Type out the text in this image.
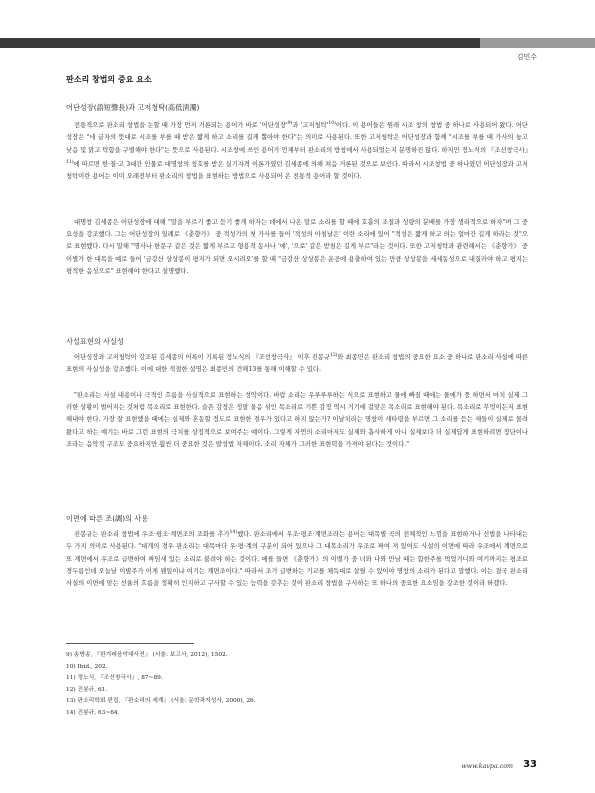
김민수
판소리 창법의 중요 요소
어단성장(語短聲長)과 고저청탁(高低淸濁)

전통적으로 판소리 창법을 논할 때 가장 먼저 거론되는 용어가 바로 '어단성장'$^{9)}$과 '고저청탁'$^{10)}$이다. 이 용어들은 원래 시조 창의 창법 중 하나로 사용되어 왔다. 어단성장은 "네 글자의 뜻대로 시조를 부를 때 받은 짧게 하고 소리를 길게 뽑아야 한다"는 의미로 사용된다. 또한 고저청탁은 어단성장과 함께 "시조를 부를 때 가사의 높고 낮음 및 맑고 탁함을 구별해야 한다"는 뜻으로 사용된다. 시조창에 쓰인 용어가 언제부터 판소리의 방창에서 사용되었는지 분명하진 않다. 하지만 정노식의 『조선창극사』$^{11)}$에 따르면 헌·철·고 3대간 인물로 대명창의 칭호를 받은 실기자격 이론가였던 김세종에 의해 처음 거론된 것으로 보인다. 따라서 시조창법 중 하나였던 어단성장과 고저청탁이란 용어는 이미 오래전부터 판소리의 창법을 표현하는 방법으로 사용되어 온 전통적 용어라 할 것이다.

대명창 김세종은 어단성장에 대해 "말을 부르기 좋고 듣기 좋게 하자는 데에서 나온 말로 소리를 할 때에 호흡의 조절과 성량의 분배를 가장 생리적으로 하자"며 그 중요성을 강조했다. 그는 어단성장의 일례로 《춘향가》 중 적성가의 첫 가사를 들어 '적성의 아침날은' 이란 소리에 있어 "적성은 짧게 하고 의는 얼마간 길게 하라는 것"으로 표현했다. 다시 말해 "명사나 한문구 같은 것은 짧게 부르고 형용적 동사나 '에', '으로' 같은 받침은 길게 부르"라는 것이다. 또한 고저청탁과 관련해서는 《춘향가》 중 이별가 한 대목을 예로 들어 '금강산 상상봉이 평지가 되면 오시려오'를 할 때 "금강산 상상봉은 운공에 용출하여 있는 만큼 상상봉을 세세동성으로 내질러야 하고 평지는 평적한 음성으로" 표현해야 한다고 설명했다.

사설표현의 사실성

어단성장과 고저청탁이 강조된 김세종의 어록이 기록된 정노식의 『조선창극사』 이후 진봉규$^{12)}$와 최종민은 판소리 창법의 중요한 요소 중 하나로 판소리 사설에 따른 표현의 사실성을 강조했다. 이에 대한 적절한 설명은 최종민의 견해13를 통해 이해할 수 있다.

"판소리는 사설 내용이나 극적인 흐름을 사실적으로 표현하는 성악이다. 바람 소리는 우루루루하는 식으로 표현하고 물에 빠질 때에는 물에가 풍 하면서 마치 실제 그러한 상황이 벌어지는 것처럼 목소리로 표현한다. 슬픈 감정은 정말 울음 섞인 목소리로 기쁜 감정 역시 거기에 걸맞은 목소리로 표현해야 된다. 목소리로 무엇이든지 표현해내야 한다. 가장 잘 표현했을 때에는 실제와 혼동할 정도로 표현한 경우가 있다고 하지 않는가? 이날치라는 명창이 새타령을 부르면 그 소리를 듣는 새들이 실제로 몰려왔다고 하는 얘기는 바로 그런 표현의 극치를 상징적으로 보여주는 예이다. 그렇게 자연의 소리마저도 실제와 흡사하게 아니 실제보다 더 실제답게 표현하려면 장단이나 조라는 음악적 구조도 중요하지만 훨씬 더 중요한 것은 발성법 자체이다. 소리 자체가 그러한 표현력을 가져야 된다는 것이다."

이면에 따른 조(調)의 사용

진봉규는 판소리 창법에 우조·평조·계면조의 조화를 추가$^{14)}$했다. 판소리에서 우조·평조·계면조라는 용어는 대목별 곡의 전체적인 느낌을 표현하거나 선법을 나타내는 두 가지 의미로 사용된다. "대개의 경우 판소리는 대목마다 우·평·계의 구분이 되어 있으나 그 대목소리가 우조로 짜여 져 있어도 사설의 이면에 따라 우조에서 계면으로 또 계면에서 우조로 급변하여 짜임새 있는 소리로 불려야 하는 것이다. 예를 들면 《춘향가》의 이별가 중 너와 나와 만남 때는 함한주를 먹었거니와 여기까지는 평조로 경두름인데 오늘날 이별주가 이게 웬일이냐 여기는 계면조이다." 따라서 조가 급변하는 기교를 체득대로 살릴 수 있어야 명창의 소리가 된다고 말했다. 이는 결국 판소리 사설의 이면에 맞는 선율의 흐름을 정확히 인지하고 구사할 수 있는 능력을 갖추는 것이 판소리 창법을 구사하는 또 하나의 중요한 요소임을 강조한 것이라 하겠다.

9) 송방송, 『한겨레음악대사전』 (서울: 보고사, 2012), 1502.
10) Ibid., 202.
11) 정노식, 『조선창극사』, 87~89.
12) 진봉규, 61.
13) 판소리학회 편집, 『판소리의 세계』 (서울: 문학과지성사, 2000), 26.
14) 진봉규, 63~64.
www.kavpa.com 33
